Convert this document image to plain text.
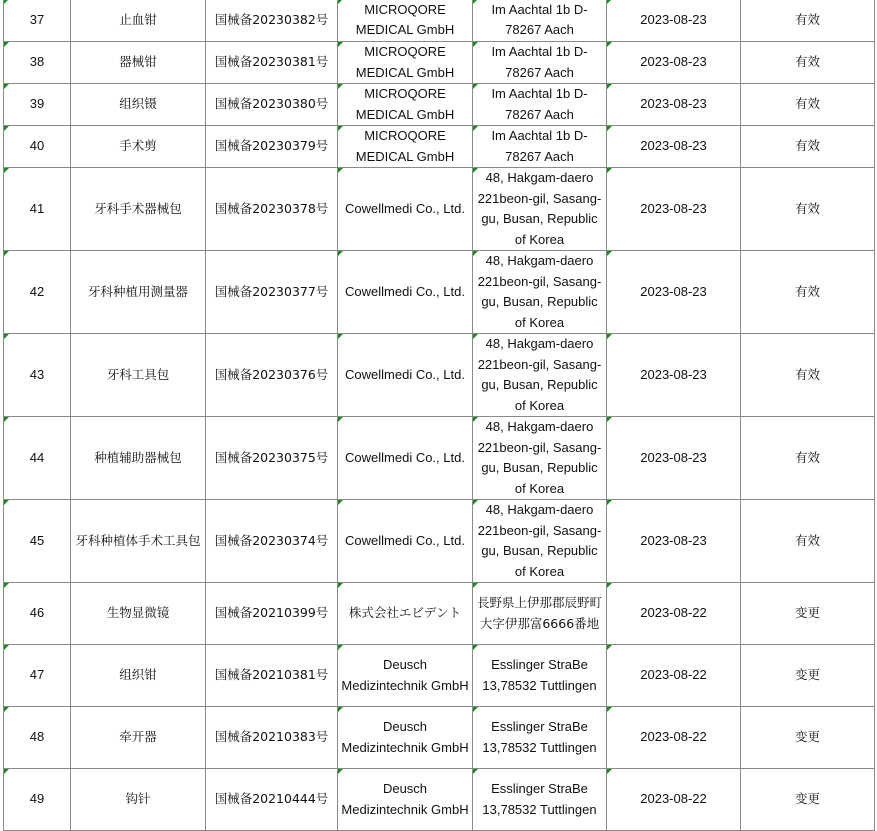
37	止血钳	国械备20230382号	MICROQORE MEDICAL GmbH	Im Aachtal 1b D-78267 Aach	2023-08-23	有效
38	器械钳	国械备20230381号	MICROQORE MEDICAL GmbH	Im Aachtal 1b D-78267 Aach	2023-08-23	有效
39	组织镊	国械备20230380号	MICROQORE MEDICAL GmbH	Im Aachtal 1b D-78267 Aach	2023-08-23	有效
40	手术剪	国械备20230379号	MICROQORE MEDICAL GmbH	Im Aachtal 1b D-78267 Aach	2023-08-23	有效
41	牙科手术器械包	国械备20230378号	Cowellmedi Co., Ltd.	48, Hakgam-daero 221beon-gil, Sasang-gu, Busan, Republic of Korea	2023-08-23	有效
42	牙科种植用测量器	国械备20230377号	Cowellmedi Co., Ltd.	48, Hakgam-daero 221beon-gil, Sasang-gu, Busan, Republic of Korea	2023-08-23	有效
43	牙科工具包	国械备20230376号	Cowellmedi Co., Ltd.	48, Hakgam-daero 221beon-gil, Sasang-gu, Busan, Republic of Korea	2023-08-23	有效
44	种植辅助器械包	国械备20230375号	Cowellmedi Co., Ltd.	48, Hakgam-daero 221beon-gil, Sasang-gu, Busan, Republic of Korea	2023-08-23	有效
45	牙科种植体手术工具包	国械备20230374号	Cowellmedi Co., Ltd.	48, Hakgam-daero 221beon-gil, Sasang-gu, Busan, Republic of Korea	2023-08-23	有效
46	生物显微镜	国械备20210399号	株式会社エビデント	長野県上伊那郡辰野町大字伊那富6666番地	2023-08-22	变更
47	组织钳	国械备20210381号	Deusch Medizintechnik GmbH	Esslinger StraBe 13,78532 Tuttlingen	2023-08-22	变更
48	牵开器	国械备20210383号	Deusch Medizintechnik GmbH	Esslinger StraBe 13,78532 Tuttlingen	2023-08-22	变更
49	钩针	国械备20210444号	Deusch Medizintechnik GmbH	Esslinger StraBe 13,78532 Tuttlingen	2023-08-22	变更
